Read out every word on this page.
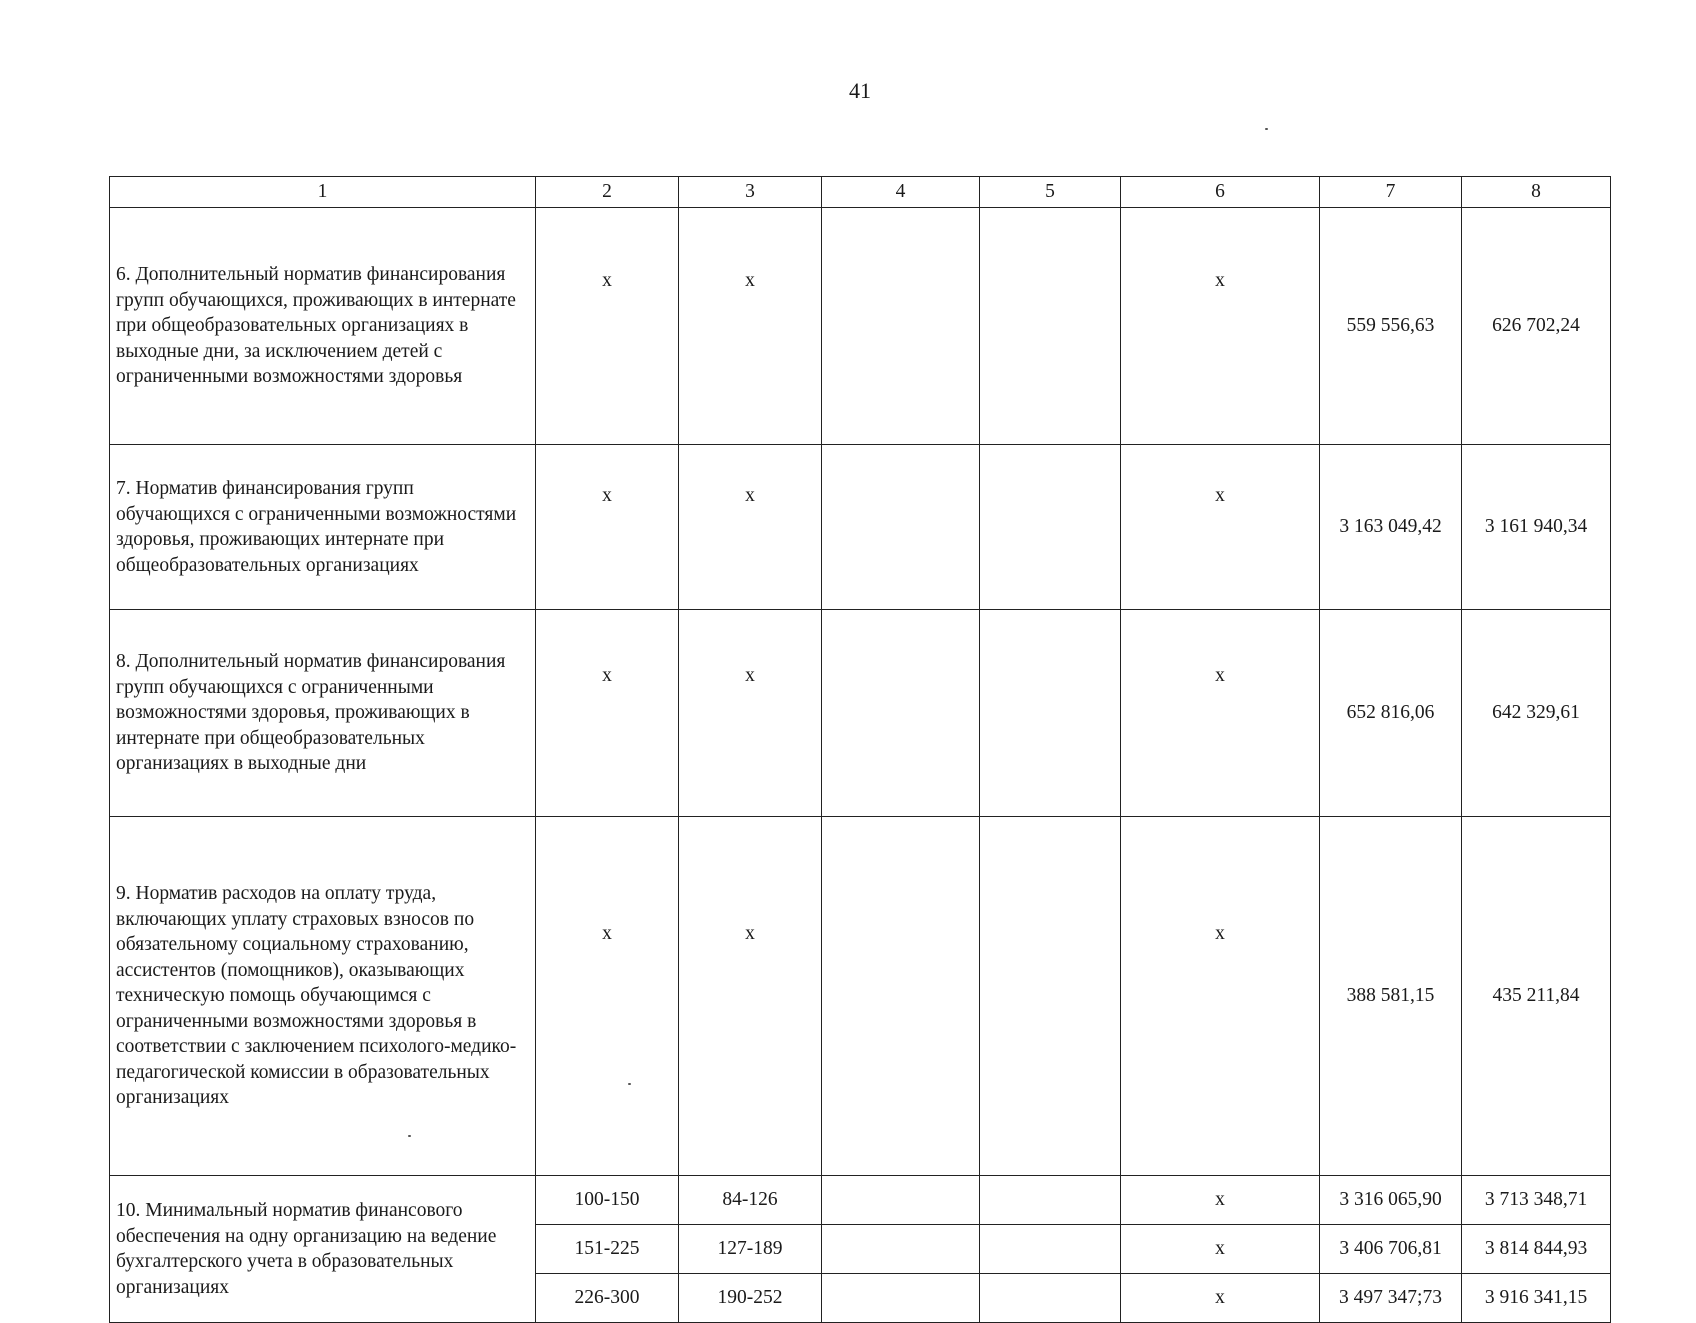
41
1	2	3	4	5	6	7	8
6. Дополнительный норматив финансирования групп обучающихся, проживающих в интернате при общеобразовательных организациях в выходные дни, за исключением детей с ограниченными возможностями здоровья	х	х			х	559 556,63	626 702,24
7. Норматив финансирования групп обучающихся с ограниченными возможностями здоровья, проживающих интернате при общеобразовательных организациях	х	х			х	3 163 049,42	3 161 940,34
8. Дополнительный норматив финансирования групп обучающихся с ограниченными возможностями здоровья, проживающих в интернате при общеобразовательных организациях в выходные дни	х	х			х	652 816,06	642 329,61
9. Норматив расходов на оплату труда, включающих уплату страховых взносов по обязательному социальному страхованию, ассистентов (помощников), оказывающих техническую помощь обучающимся с ограниченными возможностями здоровья в соответствии с заключением психолого-медико-педагогической комиссии в образовательных организациях	х	х			х	388 581,15	435 211,84
10. Минимальный норматив финансового обеспечения на одну организацию на ведение бухгалтерского учета в образовательных организациях	100-150	84-126			х	3 316 065,90	3 713 348,71
	151-225	127-189			х	3 406 706,81	3 814 844,93
	226-300	190-252			х	3 497 347;73	3 916 341,15
